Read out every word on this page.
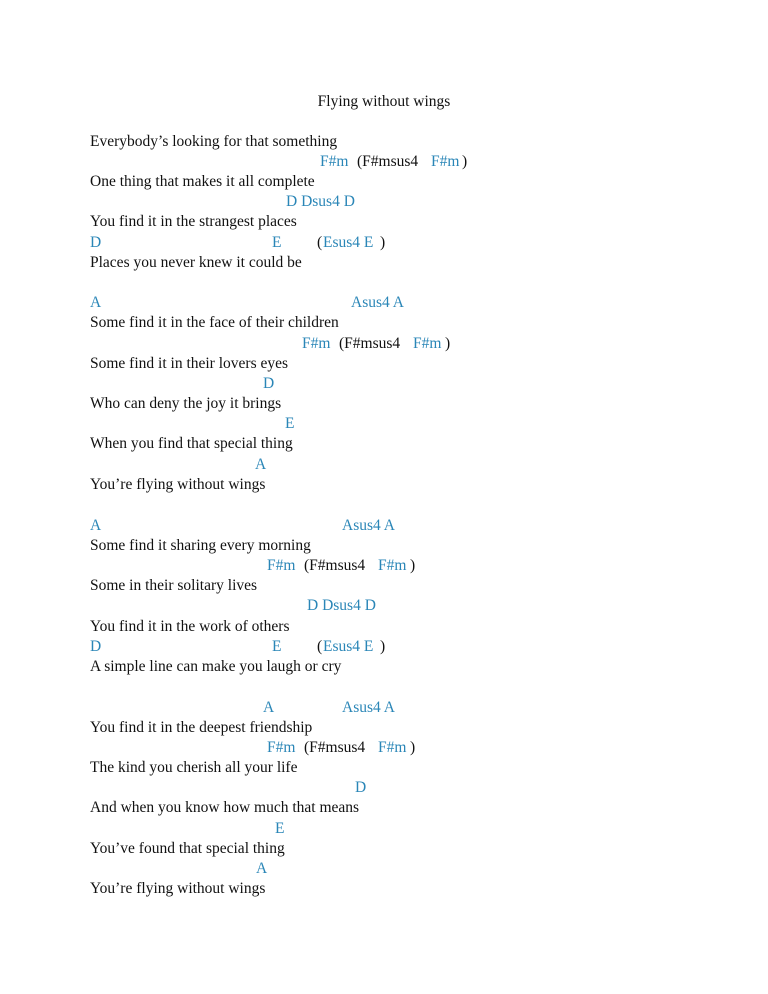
Flying without wings
Everybody’s looking for that something
F#m (F#msus4 F#m )
One thing that makes it all complete
D Dsus4 D
You find it in the strangest places
D	E ( Esus4 E )
Places you never knew it could be
A	Asus4 A
Some find it in the face of their children
F#m (F#msus4 F#m )
Some find it in their lovers eyes
D
Who can deny the joy it brings
E
When you find that special thing
A
You’re flying without wings
A	Asus4 A
Some find it sharing every morning
F#m (F#msus4 F#m )
Some in their solitary lives
D Dsus4 D
You find it in the work of others
D	E ( Esus4 E )
A simple line can make you laugh or cry
A	Asus4 A
You find it in the deepest friendship
F#m (F#msus4 F#m )
The kind you cherish all your life
D
And when you know how much that means
E
You’ve found that special thing
A
You’re flying without wings
